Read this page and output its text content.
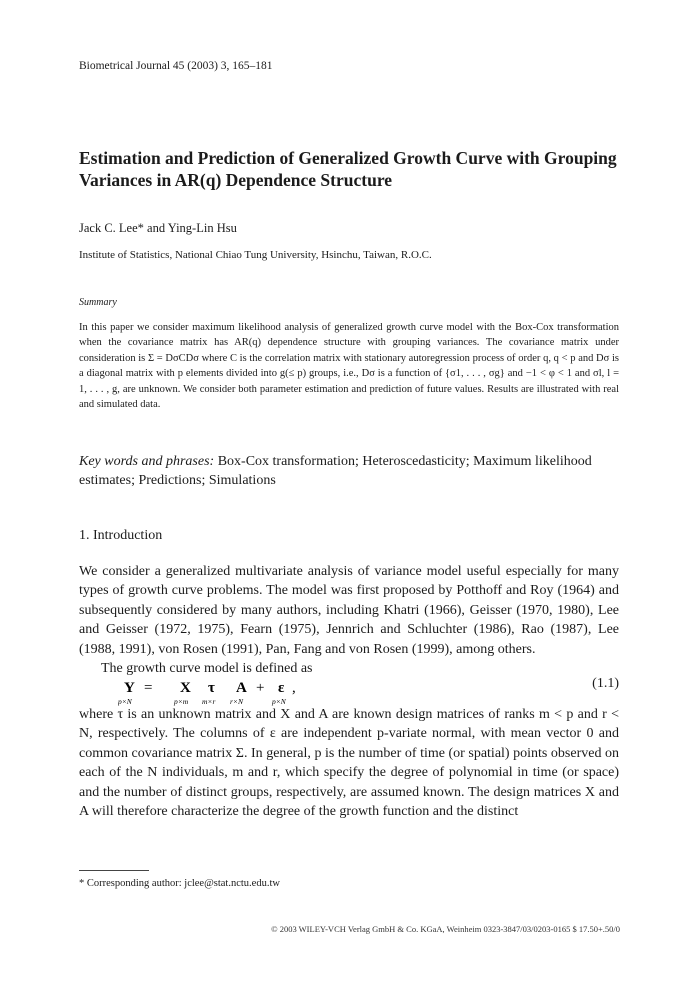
Biometrical Journal 45 (2003) 3, 165–181
Estimation and Prediction of Generalized Growth Curve with Grouping Variances in AR(q) Dependence Structure
Jack C. Lee* and Ying-Lin Hsu
Institute of Statistics, National Chiao Tung University, Hsinchu, Taiwan, R.O.C.
Summary
In this paper we consider maximum likelihood analysis of generalized growth curve model with the Box-Cox transformation when the covariance matrix has AR(q) dependence structure with grouping variances. The covariance matrix under consideration is Σ = DσCDσ where C is the correlation matrix with stationary autoregression process of order q, q < p and Dσ is a diagonal matrix with p elements divided into g(≤ p) groups, i.e., Dσ is a function of {σ1, . . . , σg} and −1 < φ < 1 and σl, l = 1, . . . , g, are unknown. We consider both parameter estimation and prediction of future values. Results are illustrated with real and simulated data.
Key words and phrases: Box-Cox transformation; Heteroscedasticity; Maximum likelihood estimates; Predictions; Simulations
1. Introduction

We consider a generalized multivariate analysis of variance model useful especially for many types of growth curve problems. The model was first proposed by Potthoff and Roy (1964) and subsequently considered by many authors, including Khatri (1966), Geisser (1970, 1980), Lee and Geisser (1972, 1975), Fearn (1975), Jennrich and Schluchter (1986), Rao (1987), Lee (1988, 1991), von Rosen (1991), Pan, Fang and von Rosen (1999), among others.

The growth curve model is defined as

Y
p×N
= X
p×m
τ
m×r
A
r×N
+ ε
p×N
,	(1.1)
where τ is an unknown matrix and X and A are known design matrices of ranks m < p and r < N, respectively. The columns of ε are independent p-variate normal, with mean vector 0 and common covariance matrix Σ. In general, p is the number of time (or spatial) points observed on each of the N individuals, m and r, which specify the degree of polynomial in time (or space) and the number of distinct groups, respectively, are assumed known. The design matrices X and A will therefore characterize the degree of the growth function and the distinct
* Corresponding author: jclee@stat.nctu.edu.tw
© 2003 WILEY-VCH Verlag GmbH & Co. KGaA, Weinheim 0323-3847/03/0203-0165 $ 17.50+.50/0
